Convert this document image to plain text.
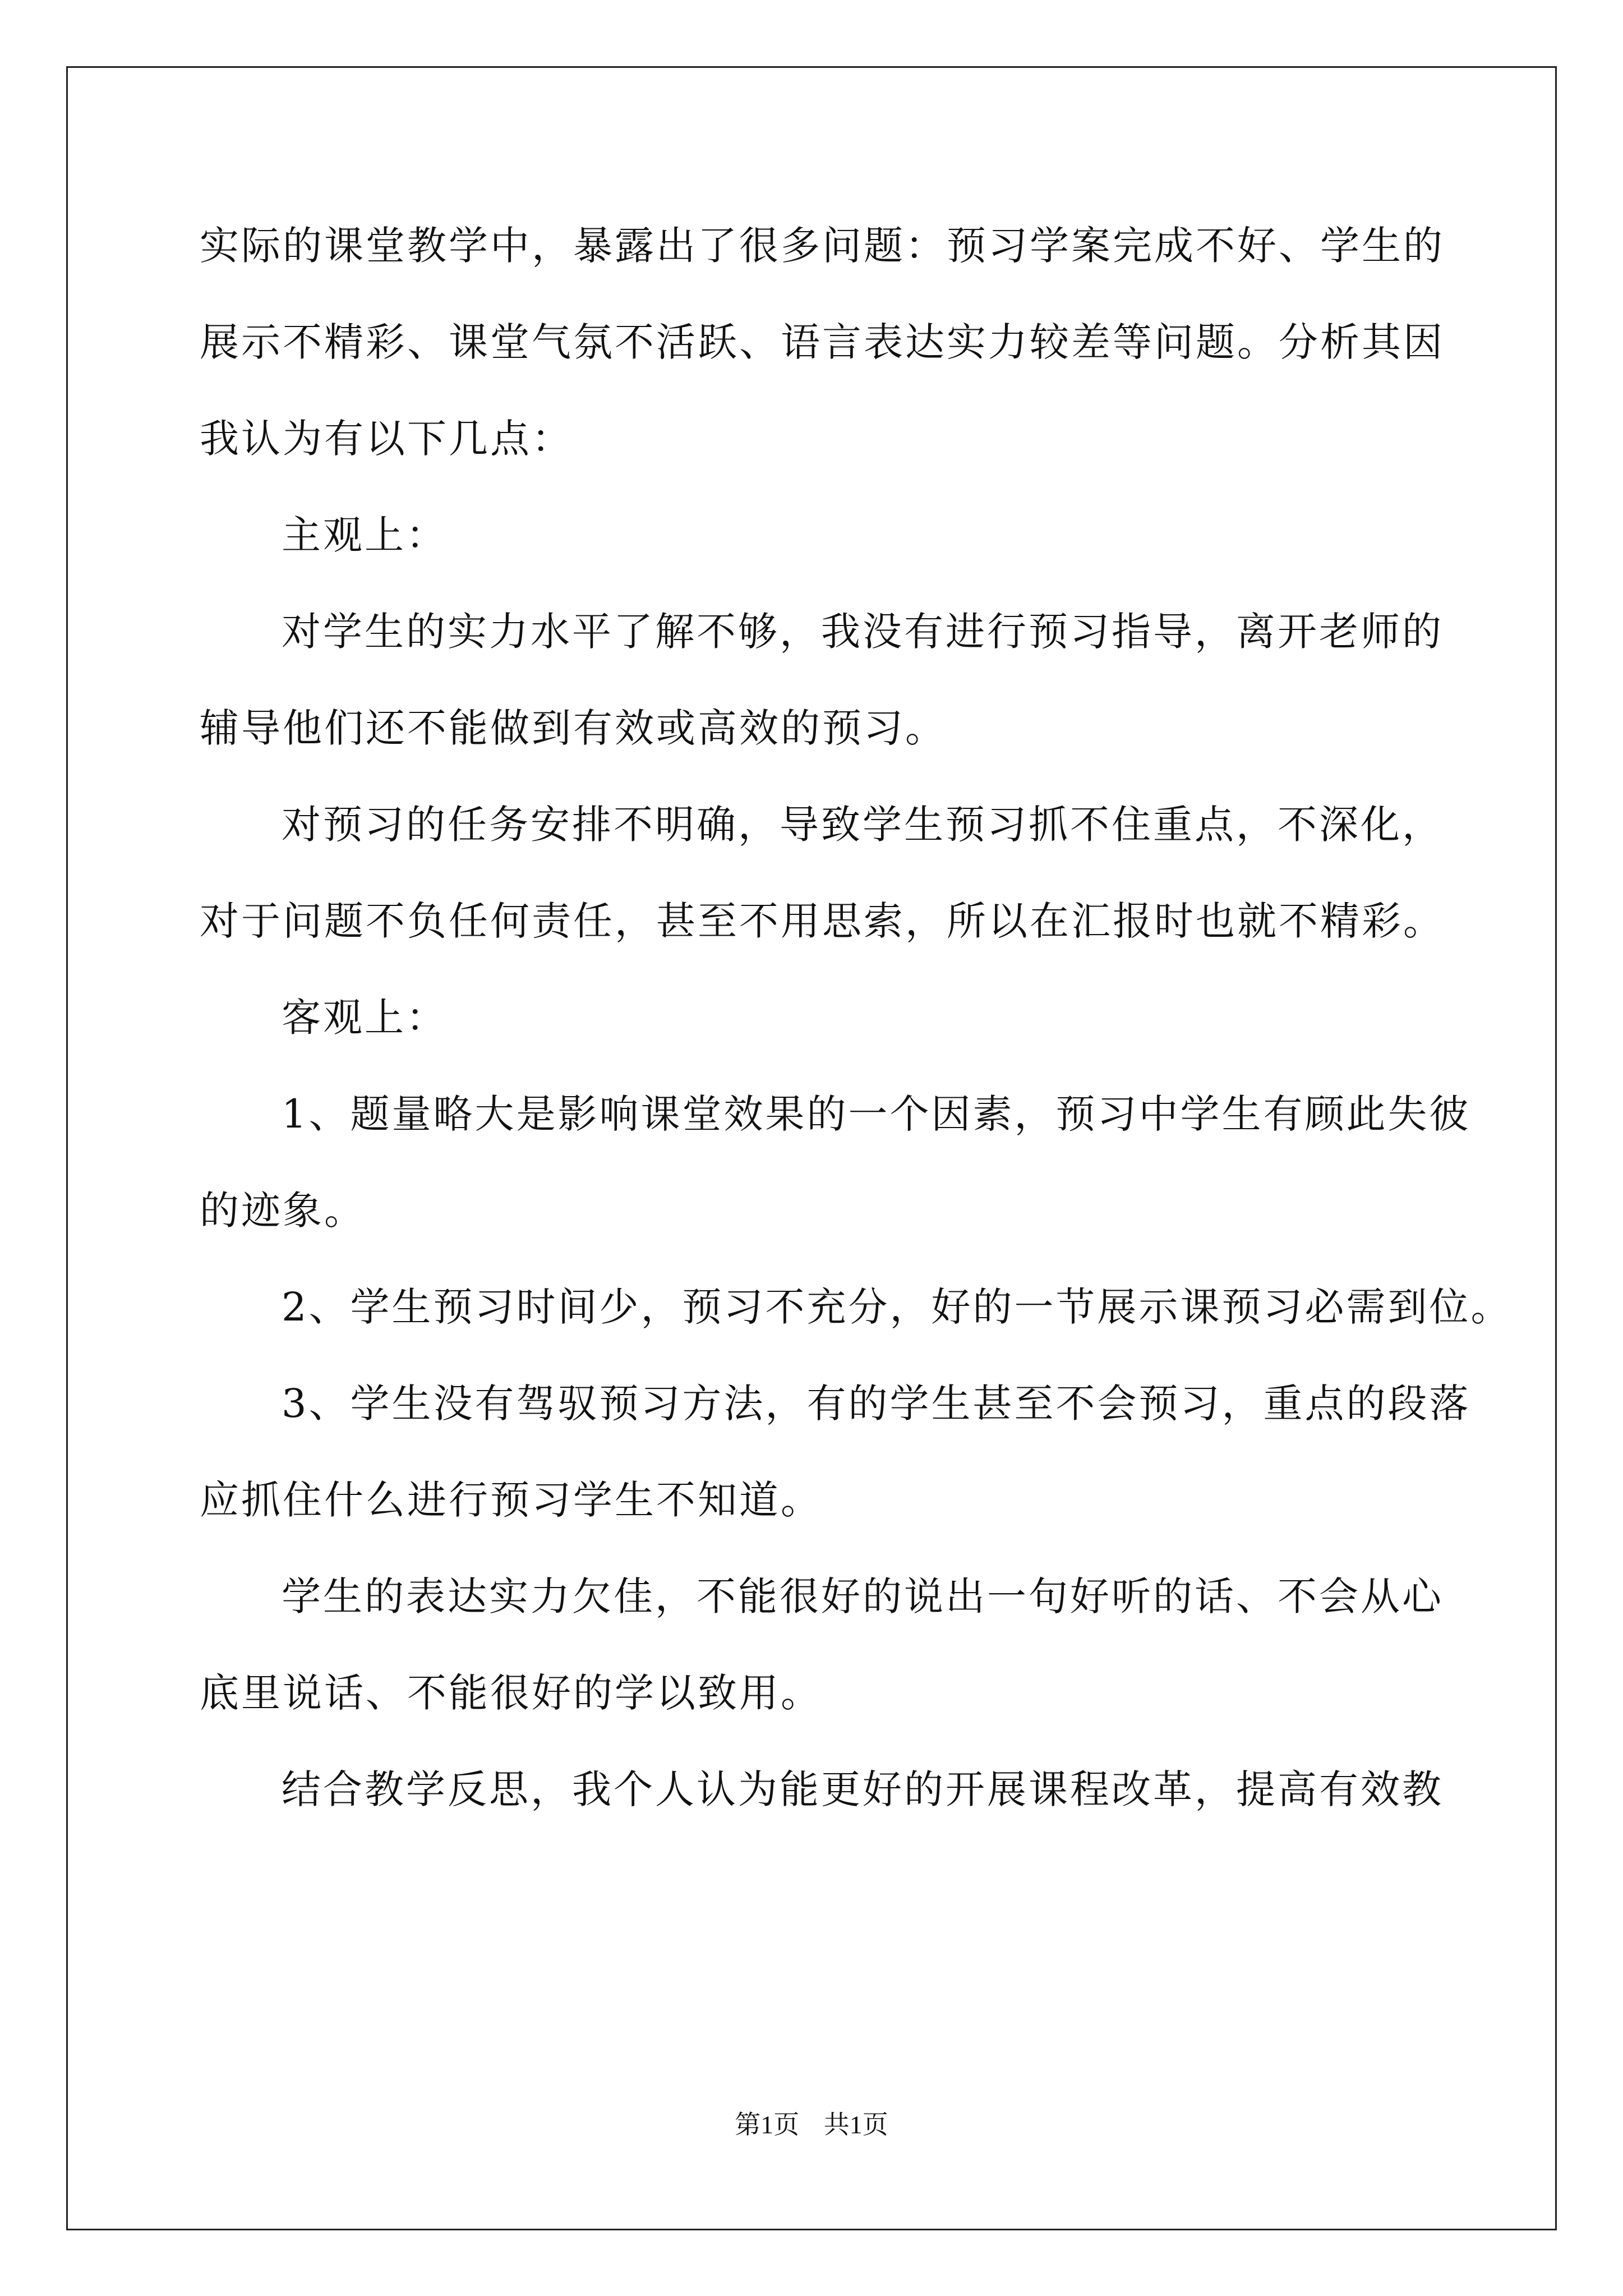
实际的课堂教学中，暴露出了很多问题：预习学案完成不好、学生的
展示不精彩、课堂气氛不活跃、语言表达实力较差等问题。分析其因
我认为有以下几点：
主观上：
对学生的实力水平了解不够，我没有进行预习指导，离开老师的
辅导他们还不能做到有效或高效的预习。
对预习的任务安排不明确，导致学生预习抓不住重点，不深化，
对于问题不负任何责任，甚至不用思索，所以在汇报时也就不精彩。
客观上：
1、题量略大是影响课堂效果的一个因素，预习中学生有顾此失彼
的迹象。
2、学生预习时间少，预习不充分，好的一节展示课预习必需到位。
3、学生没有驾驭预习方法，有的学生甚至不会预习，重点的段落
应抓住什么进行预习学生不知道。
学生的表达实力欠佳，不能很好的说出一句好听的话、不会从心
底里说话、不能很好的学以致用。
结合教学反思，我个人认为能更好的开展课程改革，提高有效教
第1页 共1页
